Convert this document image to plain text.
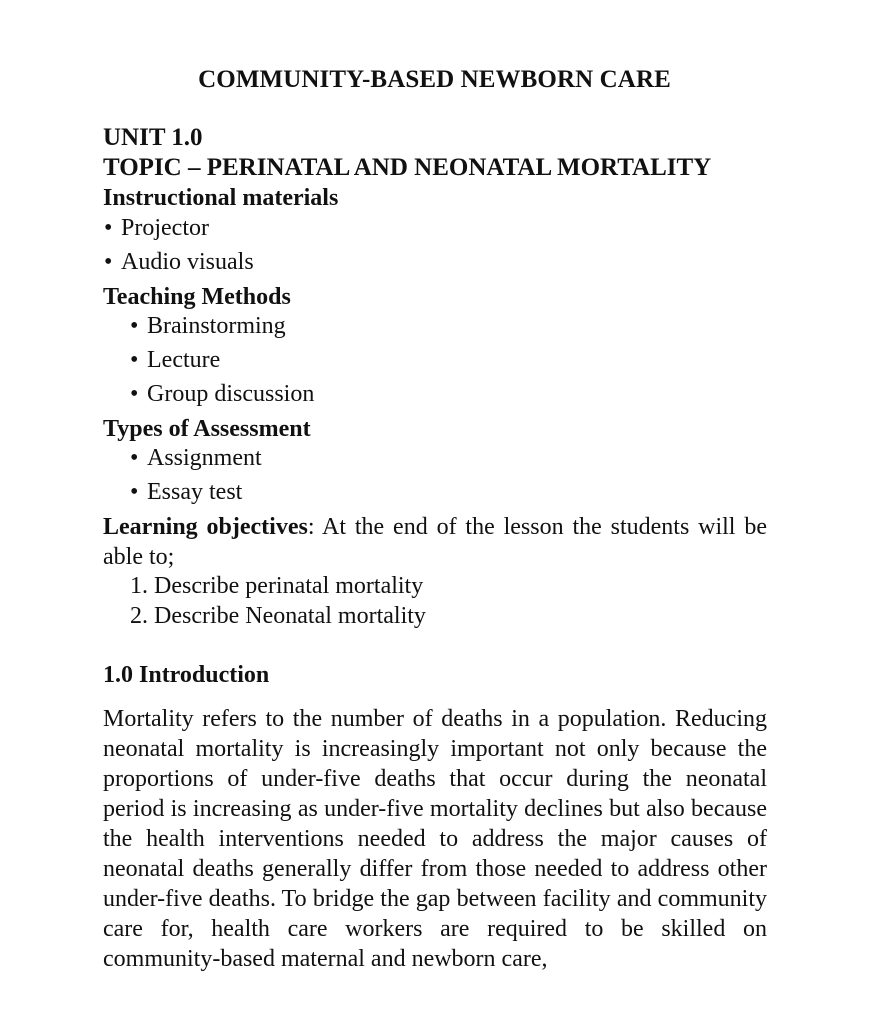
COMMUNITY-BASED NEWBORN CARE

UNIT 1.0

TOPIC – PERINATAL AND NEONATAL MORTALITY

Instructional materials

• Projector

• Audio visuals

Teaching Methods

• Brainstorming

• Lecture

• Group discussion

Types of Assessment

• Assignment

• Essay test

Learning objectives: At the end of the lesson the students will be able to;

1. Describe perinatal mortality

2. Describe Neonatal mortality

1.0 Introduction

Mortality refers to the number of deaths in a population. Reducing neonatal mortality is increasingly important not only because the proportions of under-five deaths that occur during the neonatal period is increasing as under-five mortality declines but also because the health interventions needed to address the major causes of neonatal deaths generally differ from those needed to address other under-five deaths. To bridge the gap between facility and community care for, health care workers are required to be skilled on community-based maternal and newborn care,
